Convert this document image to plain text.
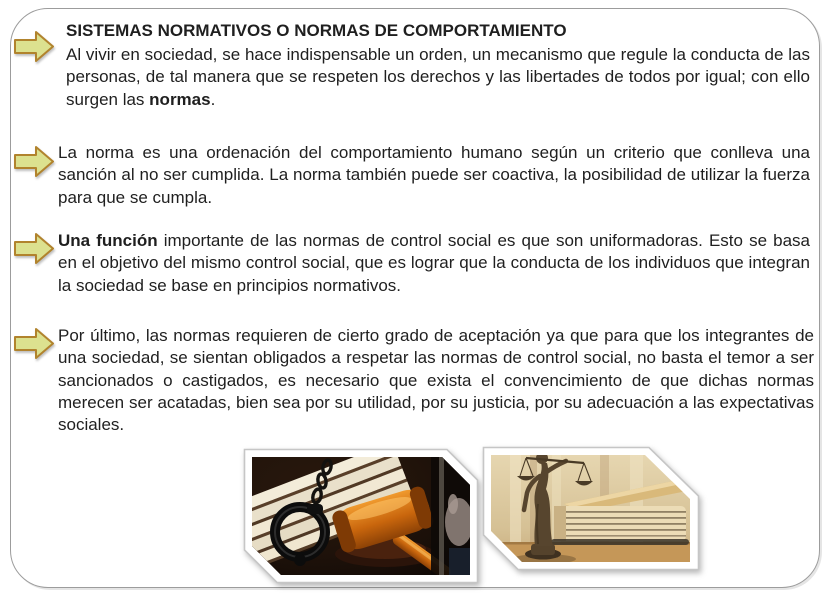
SISTEMAS NORMATIVOS O NORMAS DE COMPORTAMIENTO

Al vivir en sociedad, se hace indispensable un orden, un mecanismo que regule la conducta de las personas, de tal manera que se respeten los derechos y las libertades de todos por igual; con ello surgen las normas.

La norma es una ordenación del comportamiento humano según un criterio que conlleva una sanción al no ser cumplida. La norma también puede ser coactiva, la posibilidad de utilizar la fuerza para que se cumpla.

Una función importante de las normas de control social es que son uniformadoras. Esto se basa en el objetivo del mismo control social, que es lograr que la conducta de los individuos que integran la sociedad se base en principios normativos.

Por último, las normas requieren de cierto grado de aceptación ya que para que los integrantes de una sociedad, se sientan obligados a respetar las normas de control social, no basta el temor a ser sancionados o castigados, es necesario que exista el convencimiento de que dichas normas merecen ser acatadas, bien sea por su utilidad, por su justicia, por su adecuación a las expectativas sociales.
